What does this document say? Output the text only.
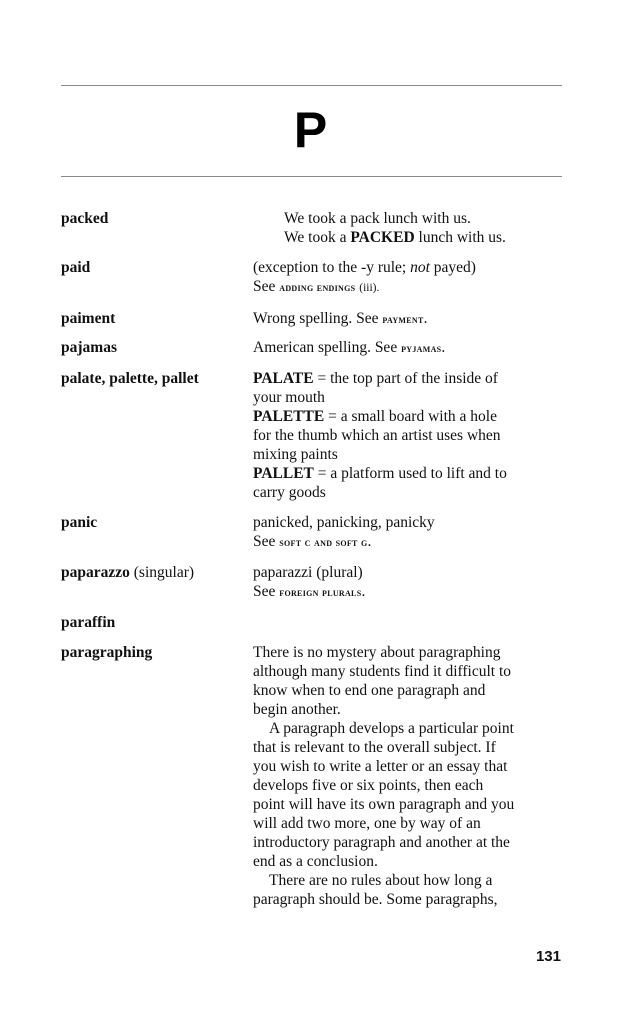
P
packed	We took a pack lunch with us.
We took a PACKED lunch with us.
paid	(exception to the -y rule; not payed)
See adding endings (iii).
paiment	Wrong spelling. See payment.
pajamas	American spelling. See pyjamas.
palate, palette, pallet	PALATE = the top part of the inside of
your mouth
PALETTE = a small board with a hole
for the thumb which an artist uses when
mixing paints
PALLET = a platform used to lift and to
carry goods
panic	panicked, panicking, panicky
See soft c and soft g.
paparazzo (singular)	paparazzi (plural)
See foreign plurals.
paraffin
paragraphing	There is no mystery about paragraphing
although many students find it difficult to
know when to end one paragraph and
begin another.
A paragraph develops a particular point
that is relevant to the overall subject. If
you wish to write a letter or an essay that
develops five or six points, then each
point will have its own paragraph and you
will add two more, one by way of an
introductory paragraph and another at the
end as a conclusion.
There are no rules about how long a
paragraph should be. Some paragraphs,
131
